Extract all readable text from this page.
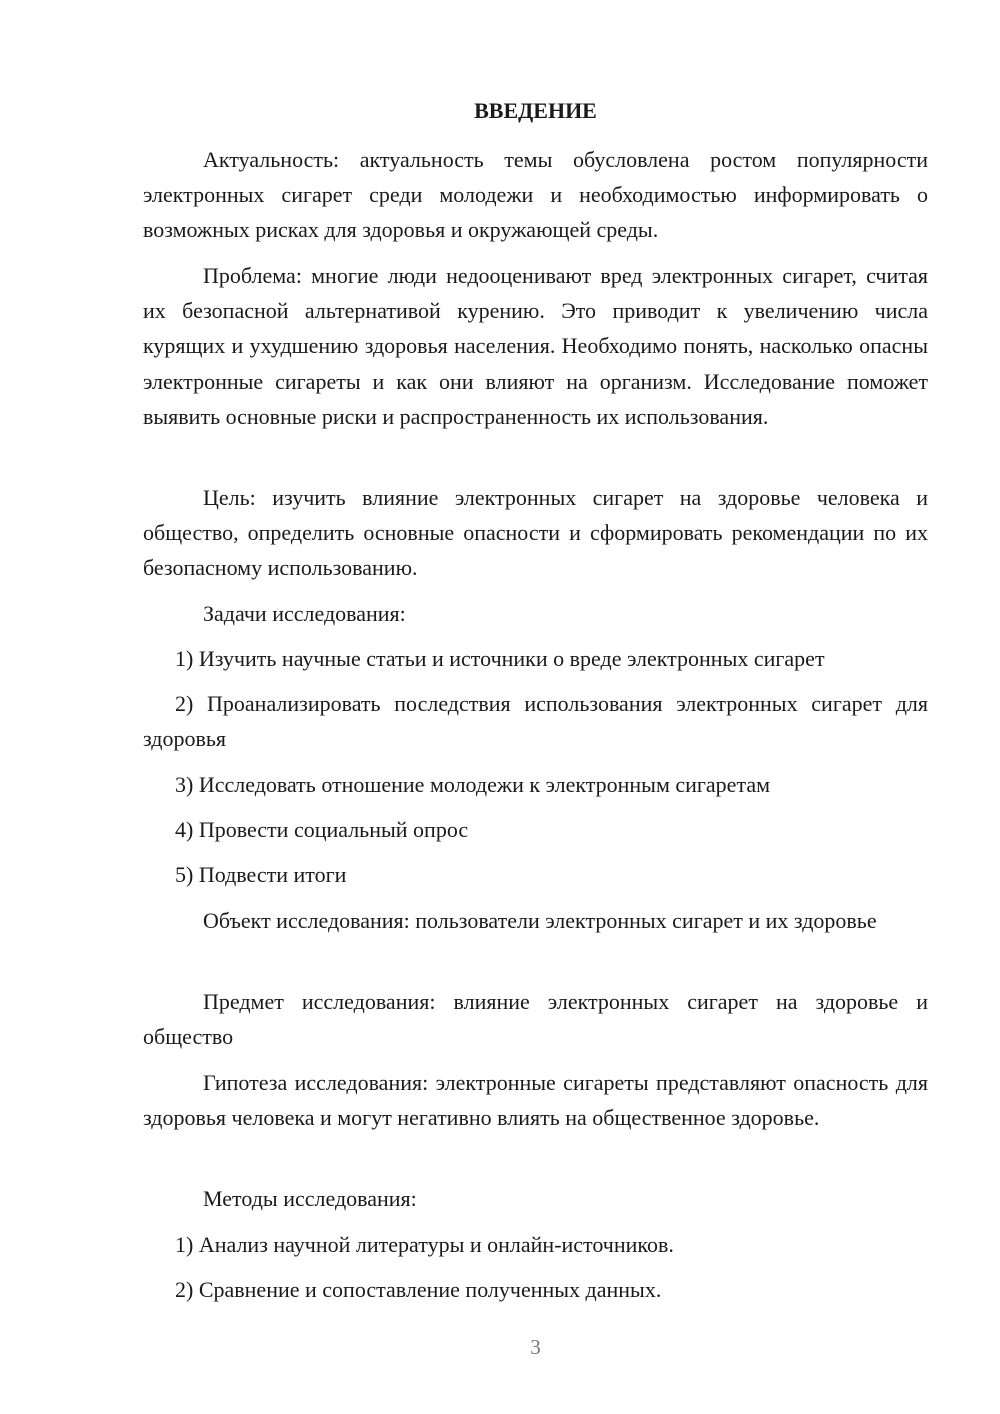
ВВЕДЕНИЕ

Актуальность: актуальность темы обусловлена ростом популярности электронных сигарет среди молодежи и необходимостью информировать о возможных рисках для здоровья и окружающей среды.

Проблема: многие люди недооценивают вред электронных сигарет, считая их безопасной альтернативой курению. Это приводит к увеличению числа курящих и ухудшению здоровья населения. Необходимо понять, насколько опасны электронные сигареты и как они влияют на организм. Исследование поможет выявить основные риски и распространенность их использования.

Цель: изучить влияние электронных сигарет на здоровье человека и общество, определить основные опасности и сформировать рекомендации по их безопасному использованию.

Задачи исследования:

1) Изучить научные статьи и источники о вреде электронных сигарет

2) Проанализировать последствия использования электронных сигарет для здоровья

3) Исследовать отношение молодежи к электронным сигаретам

4) Провести социальный опрос

5) Подвести итоги

Объект исследования: пользователи электронных сигарет и их здоровье

Предмет исследования: влияние электронных сигарет на здоровье и общество

Гипотеза исследования: электронные сигареты представляют опасность для здоровья человека и могут негативно влиять на общественное здоровье.

Методы исследования:

1) Анализ научной литературы и онлайн-источников.

2) Сравнение и сопоставление полученных данных.

3
